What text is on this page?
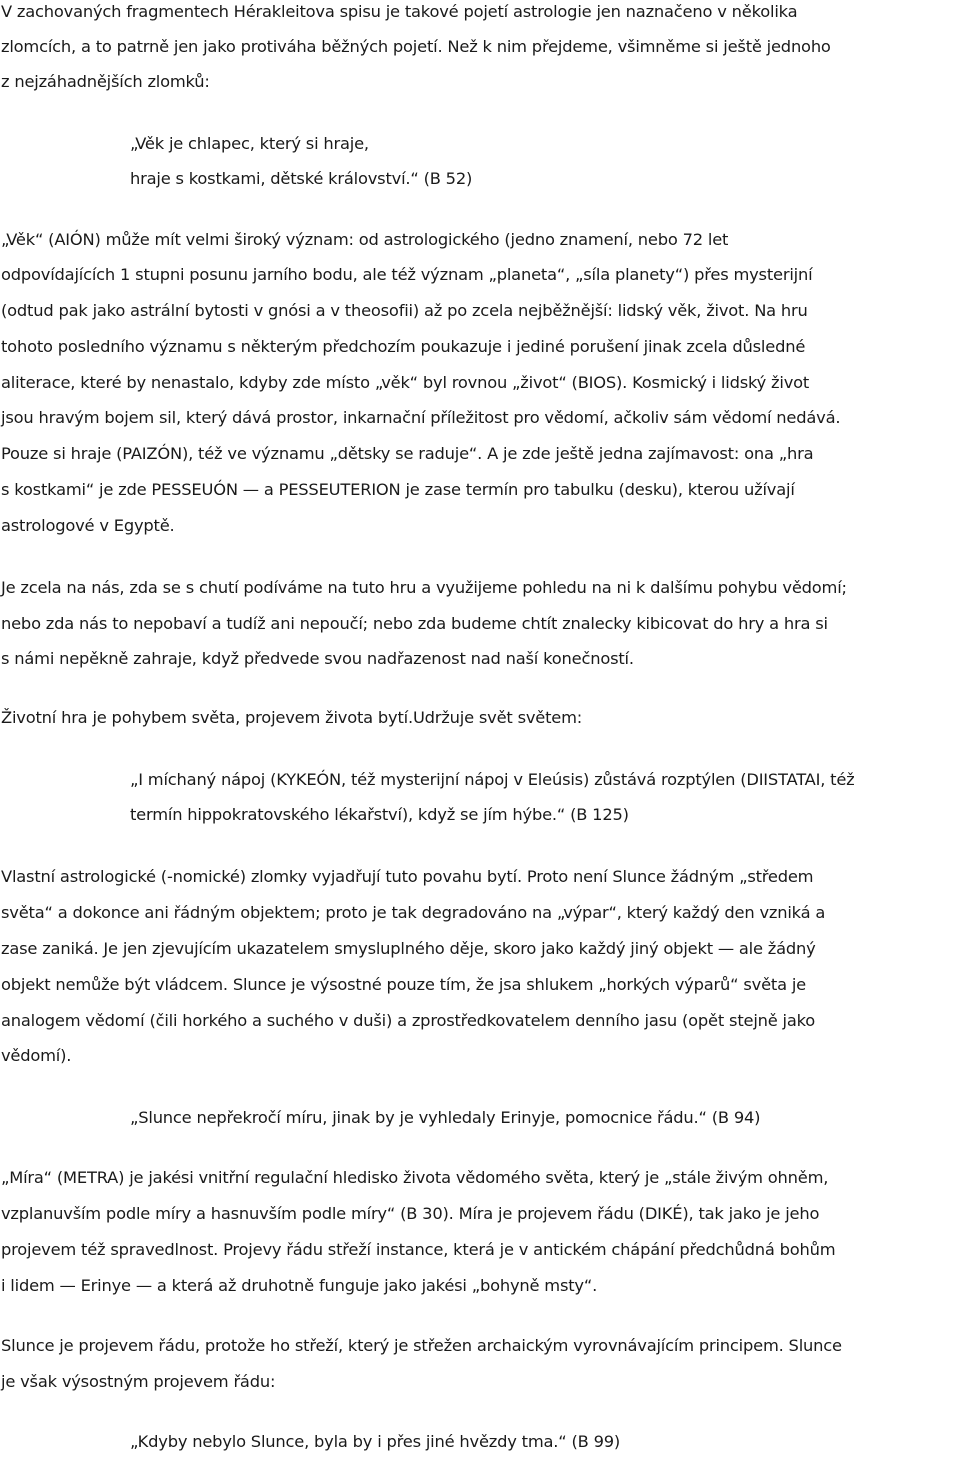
V zachovaných fragmentech Hérakleitova spisu je takové pojetí astrologie jen naznačeno v několika
zlomcích, a to patrně jen jako protiváha běžných pojetí. Než k nim přejdeme, všimněme si ještě jednoho
z nejzáhadnějších zlomků:
„Věk je chlapec, který si hraje,
hraje s kostkami, dětské království.“ (B 52)
„Věk“ (AIÓN) může mít velmi široký význam: od astrologického (jedno znamení, nebo 72 let
odpovídajících 1 stupni posunu jarního bodu, ale též význam „planeta“, „síla planety“) přes mysterijní
(odtud pak jako astrální bytosti v gnósi a v theosofii) až po zcela nejběžnější: lidský věk, život. Na hru
tohoto posledního významu s některým předchozím poukazuje i jediné porušení jinak zcela důsledné
aliterace, které by nenastalo, kdyby zde místo „věk“ byl rovnou „život“ (BIOS). Kosmický i lidský život
jsou hravým bojem sil, který dává prostor, inkarnační příležitost pro vědomí, ačkoliv sám vědomí nedává.
Pouze si hraje (PAIZÓN), též ve významu „dětsky se raduje“. A je zde ještě jedna zajímavost: ona „hra
s kostkami“ je zde PESSEUÓN — a PESSEUTERION je zase termín pro tabulku (desku), kterou užívají
astrologové v Egyptě.
Je zcela na nás, zda se s chutí podíváme na tuto hru a využijeme pohledu na ni k dalšímu pohybu vědomí;
nebo zda nás to nepobaví a tudíž ani nepoučí; nebo zda budeme chtít znalecky kibicovat do hry a hra si
s námi nepěkně zahraje, když předvede svou nadřazenost nad naší konečností.
Životní hra je pohybem světa, projevem života bytí.Udržuje svět světem:
„I míchaný nápoj (KYKEÓN, též mysterijní nápoj v Eleúsis) zůstává rozptýlen (DIISTATAI, též
termín hippokratovského lékařství), když se jím hýbe.“ (B 125)
Vlastní astrologické (-nomické) zlomky vyjadřují tuto povahu bytí. Proto není Slunce žádným „středem
světa“ a dokonce ani řádným objektem; proto je tak degradováno na „výpar“, který každý den vzniká a
zase zaniká. Je jen zjevujícím ukazatelem smysluplného děje, skoro jako každý jiný objekt — ale žádný
objekt nemůže být vládcem. Slunce je výsostné pouze tím, že jsa shlukem „horkých výparů“ světa je
analogem vědomí (čili horkého a suchého v duši) a zprostředkovatelem denního jasu (opět stejně jako
vědomí).
„Slunce nepřekročí míru, jinak by je vyhledaly Erinyje, pomocnice řádu.“ (B 94)
„Míra“ (METRA) je jakési vnitřní regulační hledisko života vědomého světa, který je „stále živým ohněm,
vzplanuvším podle míry a hasnuvším podle míry“ (B 30). Míra je projevem řádu (DIKÉ), tak jako je jeho
projevem též spravedlnost. Projevy řádu střeží instance, která je v antickém chápání předchůdná bohům
i lidem — Erinye — a která až druhotně funguje jako jakési „bohyně msty“.
Slunce je projevem řádu, protože ho střeží, který je střežen archaickým vyrovnávajícím principem. Slunce
je však výsostným projevem řádu:
„Kdyby nebylo Slunce, byla by i přes jiné hvězdy tma.“ (B 99)
